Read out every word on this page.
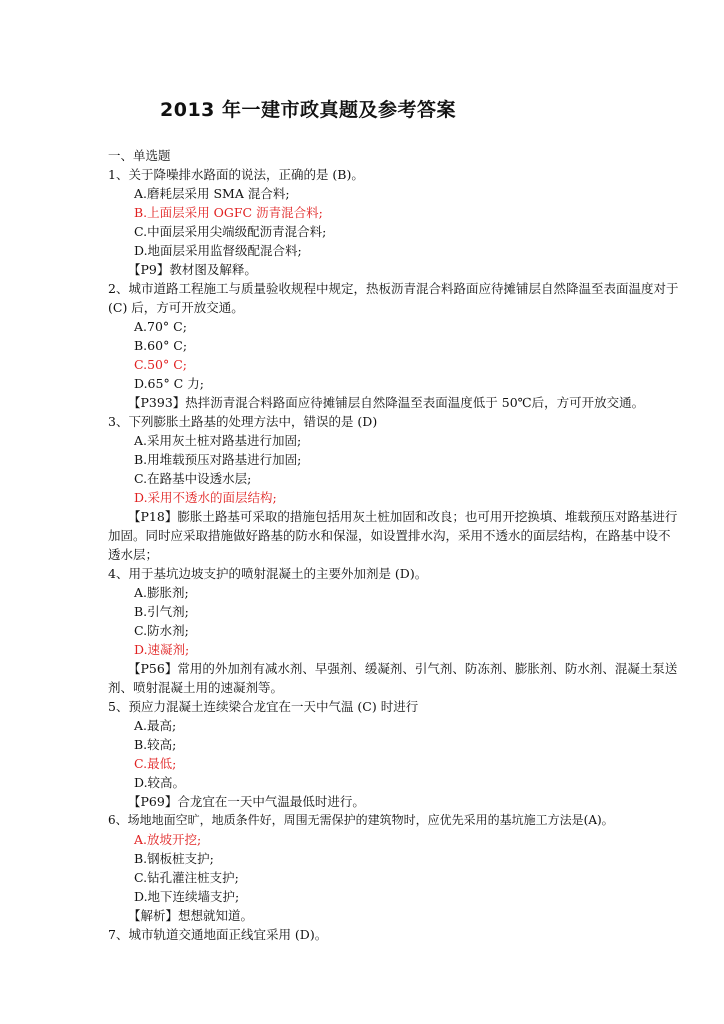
2013 年一建市政真题及参考答案
一、单选题
1、关于降噪排水路面的说法，正确的是 (B)。
A.磨耗层采用 SMA 混合料;
B.上面层采用 OGFC 沥青混合料;
C.中面层采用尖端级配沥青混合料;
D.地面层采用监督级配混合料;
【P9】教材图及解释。
2、城市道路工程施工与质量验收规程中规定，热板沥青混合料路面应待摊铺层自然降温至表面温度对于 (C) 后，方可开放交通。
A.70° C;
B.60° C;
C.50° C;
D.65° C 力;
【P393】热拌沥青混合料路面应待摊铺层自然降温至表面温度低于 50℃后，方可开放交通。
3、下列膨胀土路基的处理方法中，错误的是 (D)
A.采用灰土桩对路基进行加固;
B.用堆载预压对路基进行加固;
C.在路基中设透水层;
D.采用不透水的面层结构;
【P18】膨胀土路基可采取的措施包括用灰土桩加固和改良；也可用开挖换填、堆载预压对路基进行加固。同时应采取措施做好路基的防水和保湿，如设置排水沟，采用不透水的面层结构，在路基中设不透水层；
4、用于基坑边坡支护的喷射混凝土的主要外加剂是 (D)。
A.膨胀剂;
B.引气剂;
C.防水剂;
D.速凝剂;
【P56】常用的外加剂有减水剂、早强剂、缓凝剂、引气剂、防冻剂、膨胀剂、防水剂、混凝土泵送剂、喷射混凝土用的速凝剂等。
5、预应力混凝土连续梁合龙宜在一天中气温 (C) 时进行
A.最高;
B.较高;
C.最低;
D.较高。
【P69】合龙宜在一天中气温最低时进行。
6、场地地面空旷，地质条件好，周围无需保护的建筑物时，应优先采用的基坑施工方法是(A)。
A.放坡开挖;
B.钢板桩支护;
C.钻孔灌注桩支护;
D.地下连续墙支护;
【解析】想想就知道。
7、城市轨道交通地面正线宜采用 (D)。
